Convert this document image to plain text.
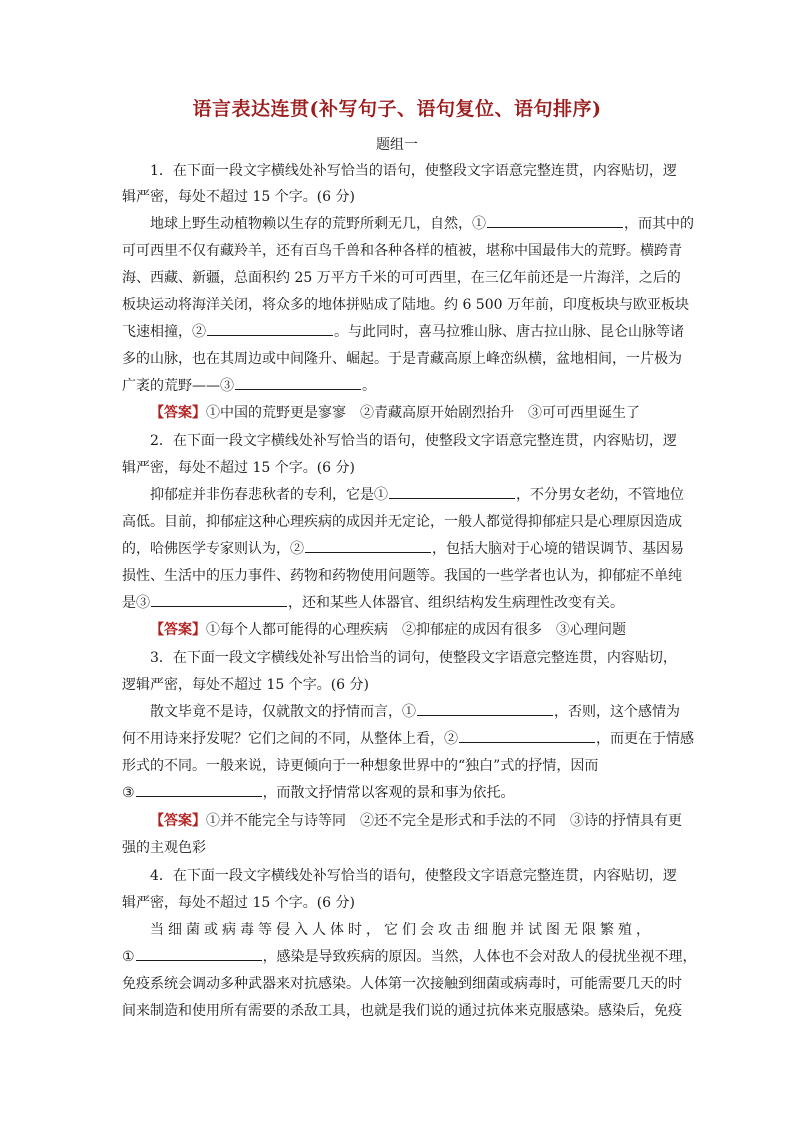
语言表达连贯(补写句子、语句复位、语句排序)
题组一
1．在下面一段文字横线处补写恰当的语句，使整段文字语意完整连贯，内容贴切，逻
辑严密，每处不超过 15 个字。(6 分)
地球上野生动植物赖以生存的荒野所剩无几，自然，①	，而其中的
可可西里不仅有藏羚羊，还有百鸟千兽和各种各样的植被，堪称中国最伟大的荒野。横跨青
海、西藏、新疆，总面积约 25 万平方千米的可可西里，在三亿年前还是一片海洋，之后的
板块运动将海洋关闭，将众多的地体拼贴成了陆地。约 6 500 万年前，印度板块与欧亚板块
飞速相撞，②	。与此同时，喜马拉雅山脉、唐古拉山脉、昆仑山脉等诸
多的山脉，也在其周边或中间隆升、崛起。于是青藏高原上峰峦纵横，盆地相间，一片极为
广袤的荒野——③	。
【答案】①中国的荒野更是寥寥　②青藏高原开始剧烈抬升　③可可西里诞生了
2．在下面一段文字横线处补写恰当的语句，使整段文字语意完整连贯，内容贴切，逻
辑严密，每处不超过 15 个字。(6 分)
抑郁症并非伤春悲秋者的专利，它是①	，不分男女老幼，不管地位
高低。目前，抑郁症这种心理疾病的成因并无定论，一般人都觉得抑郁症只是心理原因造成
的，哈佛医学专家则认为，②	，包括大脑对于心境的错误调节、基因易
损性、生活中的压力事件、药物和药物使用问题等。我国的一些学者也认为，抑郁症不单纯
是③	，还和某些人体器官、组织结构发生病理性改变有关。
【答案】①每个人都可能得的心理疾病　②抑郁症的成因有很多　③心理问题
3．在下面一段文字横线处补写出恰当的词句，使整段文字语意完整连贯，内容贴切，
逻辑严密，每处不超过 15 个字。(6 分)
散文毕竟不是诗，仅就散文的抒情而言，①	，否则，这个感情为
何不用诗来抒发呢？它们之间的不同，从整体上看，②	，而更在于情感
形式的不同。一般来说，诗更倾向于一种想象世界中的“独白”式的抒情，因而
③	，而散文抒情常以客观的景和事为依托。
【答案】①并不能完全与诗等同　②还不完全是形式和手法的不同　③诗的抒情具有更
强的主观色彩
4．在下面一段文字横线处补写恰当的语句，使整段文字语意完整连贯，内容贴切，逻
辑严密，每处不超过 15 个字。(6 分)
当细菌或病毒等侵入人体时，它们会攻击细胞并试图无限繁殖，
①	，感染是导致疾病的原因。当然，人体也不会对敌人的侵扰坐视不理，
免疫系统会调动多种武器来对抗感染。人体第一次接触到细菌或病毒时，可能需要几天的时
间来制造和使用所有需要的杀敌工具，也就是我们说的通过抗体来克服感染。感染后，免疫
